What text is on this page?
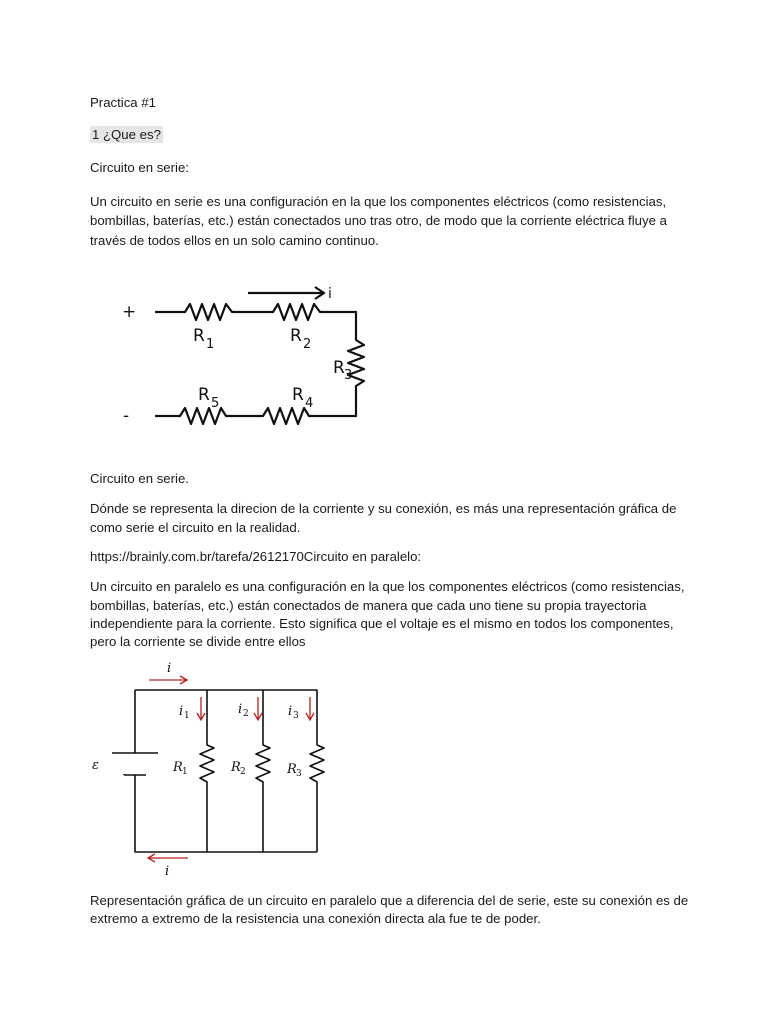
Practica #1
1 ¿Que es?
Circuito en serie:
Un circuito en serie es una configuración en la que los componentes eléctricos (como resistencias,
bombillas, baterías, etc.) están conectados uno tras otro, de modo que la corriente eléctrica fluye a
través de todos ellos en un solo camino continuo.
+
-
i
R 1	R 2
R 3
R 4
R 5
Circuito en serie.
Dónde se representa la direcion de la corriente y su conexión, es más una representación gráfica de
como serie el circuito en la realidad.
https://brainly.com.br/tarefa/2612170Circuito en paralelo:
Un circuito en paralelo es una configuración en la que los componentes eléctricos (como resistencias,
bombillas, baterías, etc.) están conectados de manera que cada uno tiene su propia trayectoria
independiente para la corriente. Esto significa que el voltaje es el mismo en todos los componentes,
pero la corriente se divide entre ellos
ε
i
i
i 1	i 2	i 3
R 1	R 2	R 3
Representación gráfica de un circuito en paralelo que a diferencia del de serie, este su conexión es de
extremo a extremo de la resistencia una conexión directa ala fue te de poder.
